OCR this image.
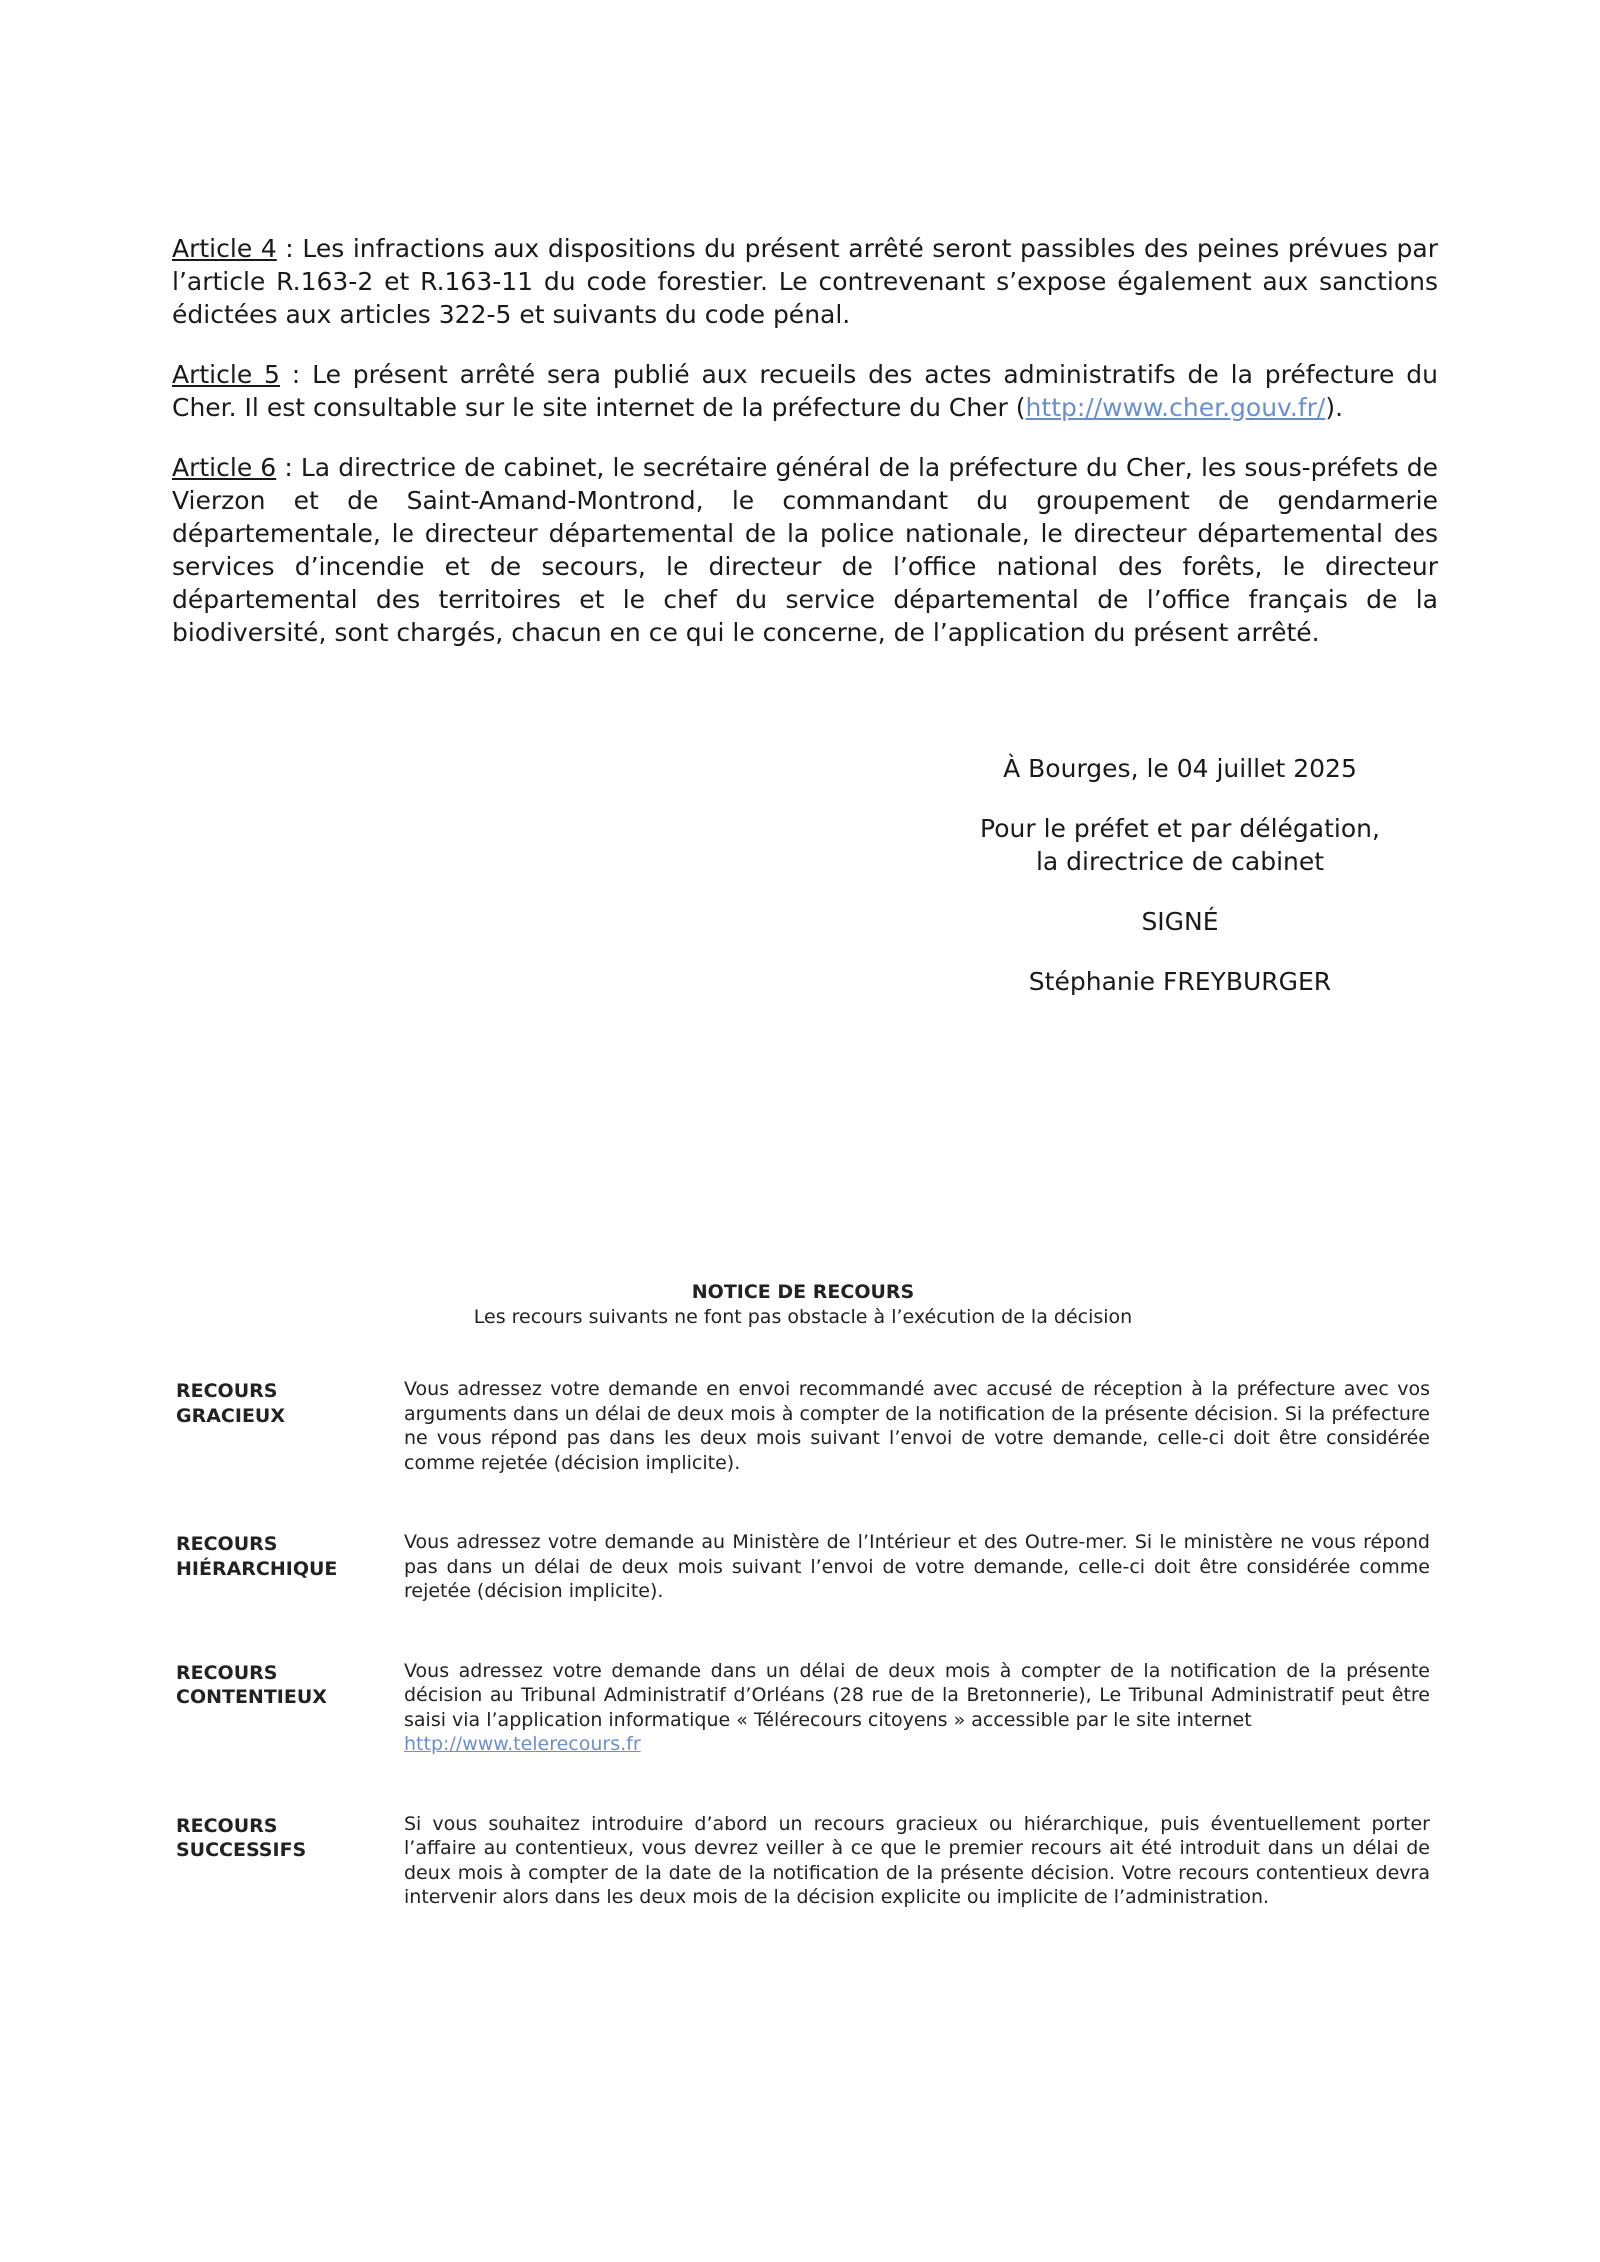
Article 4 : Les infractions aux dispositions du présent arrêté seront passibles des peines prévues par l’article R.163-2 et R.163-11 du code forestier. Le contrevenant s’expose également aux sanctions édictées aux articles 322-5 et suivants du code pénal.

Article 5 : Le présent arrêté sera publié aux recueils des actes administratifs de la préfecture du Cher. Il est consultable sur le site internet de la préfecture du Cher (http://www.cher.gouv.fr/).

Article 6 : La directrice de cabinet, le secrétaire général de la préfecture du Cher, les sous-préfets de Vierzon et de Saint-Amand-Montrond, le commandant du groupement de gendarmerie départementale, le directeur départemental de la police nationale, le directeur départemental des services d’incendie et de secours, le directeur de l’office national des forêts, le directeur départemental des territoires et le chef du service départemental de l’office français de la biodiversité, sont chargés, chacun en ce qui le concerne, de l’application du présent arrêté.

À Bourges, le 04 juillet 2025
Pour le préfet et par délégation,
la directrice de cabinet
SIGNÉ
Stéphanie FREYBURGER

NOTICE DE RECOURS

Les recours suivants ne font pas obstacle à l’exécution de la décision

RECOURS
GRACIEUX
Vous adressez votre demande en envoi recommandé avec accusé de réception à la préfecture avec vos arguments dans un délai de deux mois à compter de la notification de la présente décision. Si la préfecture ne vous répond pas dans les deux mois suivant l’envoi de votre demande, celle-ci doit être considérée comme rejetée (décision implicite).
RECOURS
HIÉRARCHIQUE
Vous adressez votre demande au Ministère de l’Intérieur et des Outre-mer. Si le ministère ne vous répond pas dans un délai de deux mois suivant l’envoi de votre demande, celle-ci doit être considérée comme rejetée (décision implicite).
RECOURS
CONTENTIEUX
Vous adressez votre demande dans un délai de deux mois à compter de la notification de la présente décision au Tribunal Administratif d’Orléans (28 rue de la Bretonnerie), Le Tribunal Administratif peut être saisi via l’application informatique « Télérecours citoyens » accessible par le site internet
http://www.telerecours.fr
RECOURS
SUCCESSIFS
Si vous souhaitez introduire d’abord un recours gracieux ou hiérarchique, puis éventuellement porter l’affaire au contentieux, vous devrez veiller à ce que le premier recours ait été introduit dans un délai de deux mois à compter de la date de la notification de la présente décision. Votre recours contentieux devra intervenir alors dans les deux mois de la décision explicite ou implicite de l’administration.
